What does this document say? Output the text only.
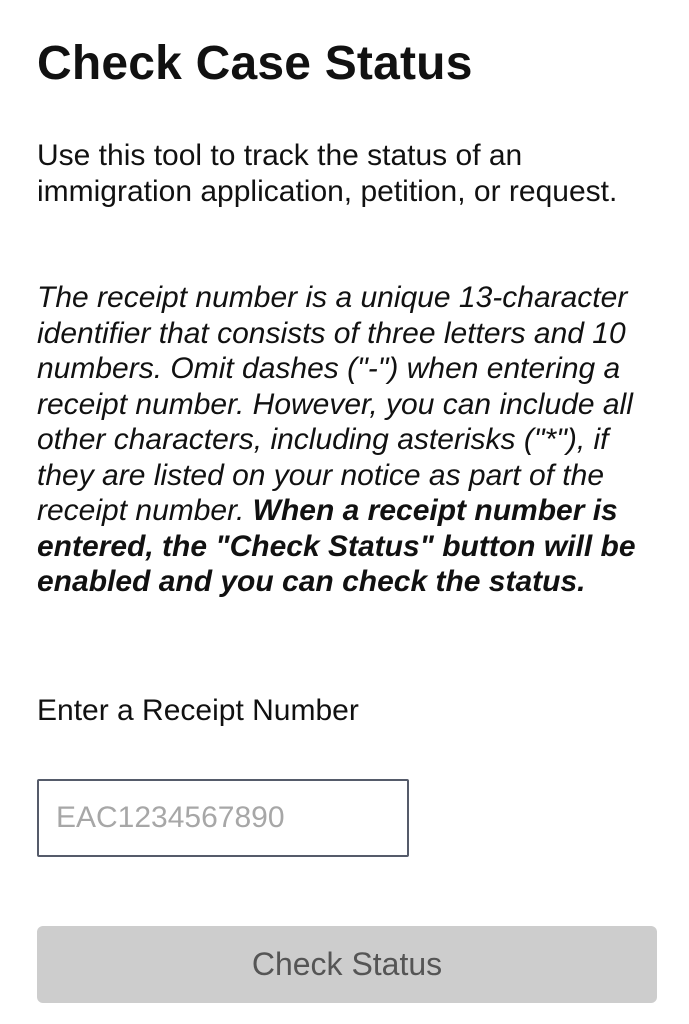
Check Case Status

Use this tool to track the status of an immigration application, petition, or request.

The receipt number is a unique 13-character identifier that consists of three letters and 10 numbers. Omit dashes ("-") when entering a receipt number. However, you can include all other characters, including asterisks ("*"), if they are listed on your notice as part of the receipt number. When a receipt number is entered, the "Check Status" button will be enabled and you can check the status.

Enter a Receipt Number
EAC1234567890
Check Status
